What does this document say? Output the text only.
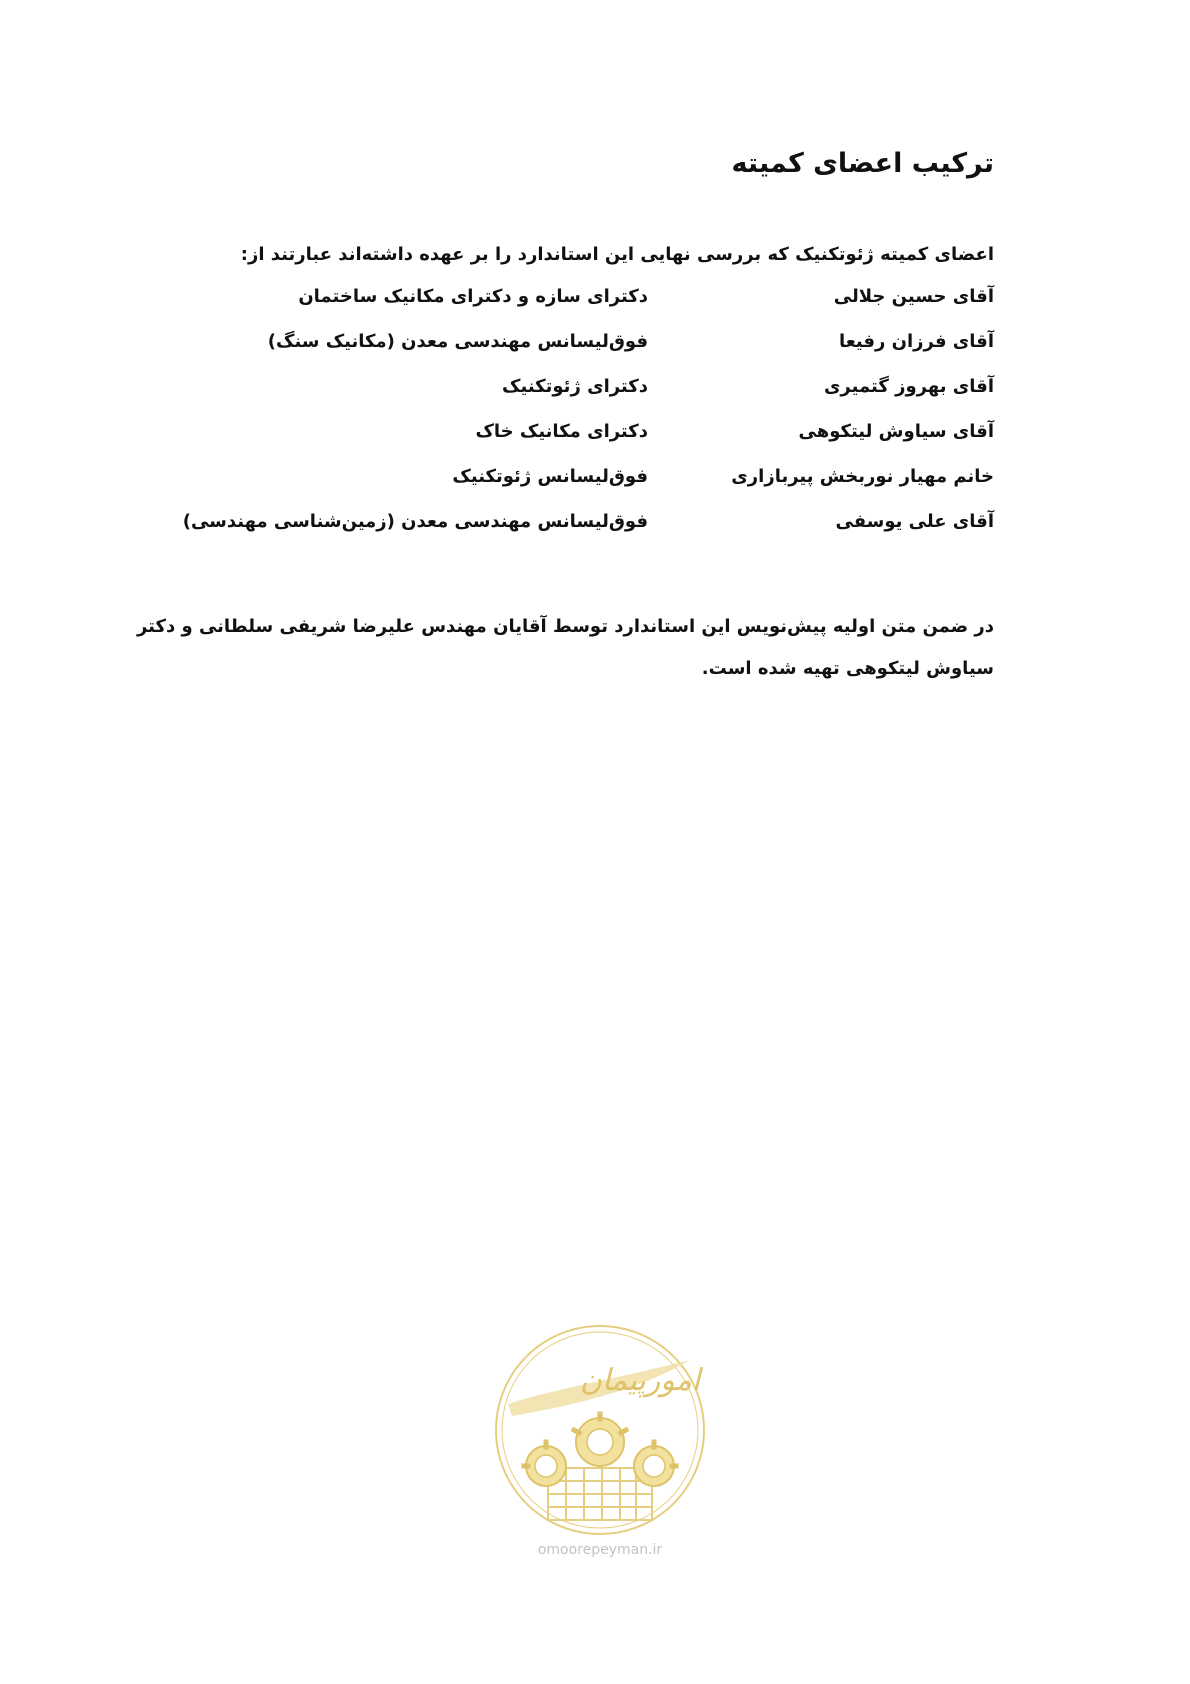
ترکیب اعضای کمیته
اعضای کمیته ژئوتکنیک که بررسی نهایی این استاندارد را بر عهده داشته‌اند عبارتند از:
آقای حسین جلالی
دکترای سازه و دکترای مکانیک ساختمان
آقای فرزان رفیعا
فوق‌لیسانس مهندسی معدن (مکانیک سنگ)
آقای بهروز گتمیری
دکترای ژئوتکنیک
آقای سیاوش لیتکوهی
دکترای مکانیک خاک
خانم مهیار نوربخش پیربازاری
فوق‌لیسانس ژئوتکنیک
آقای علی یوسفی
فوق‌لیسانس مهندسی معدن (زمین‌شناسی مهندسی)
در ضمن متن اولیه پیش‌نویس این استاندارد توسط آقایان مهندس علیرضا شریفی سلطانی و دکتر سیاوش لیتکوهی تهیه شده است.
امورپیمان
omoorepeyman.ir
